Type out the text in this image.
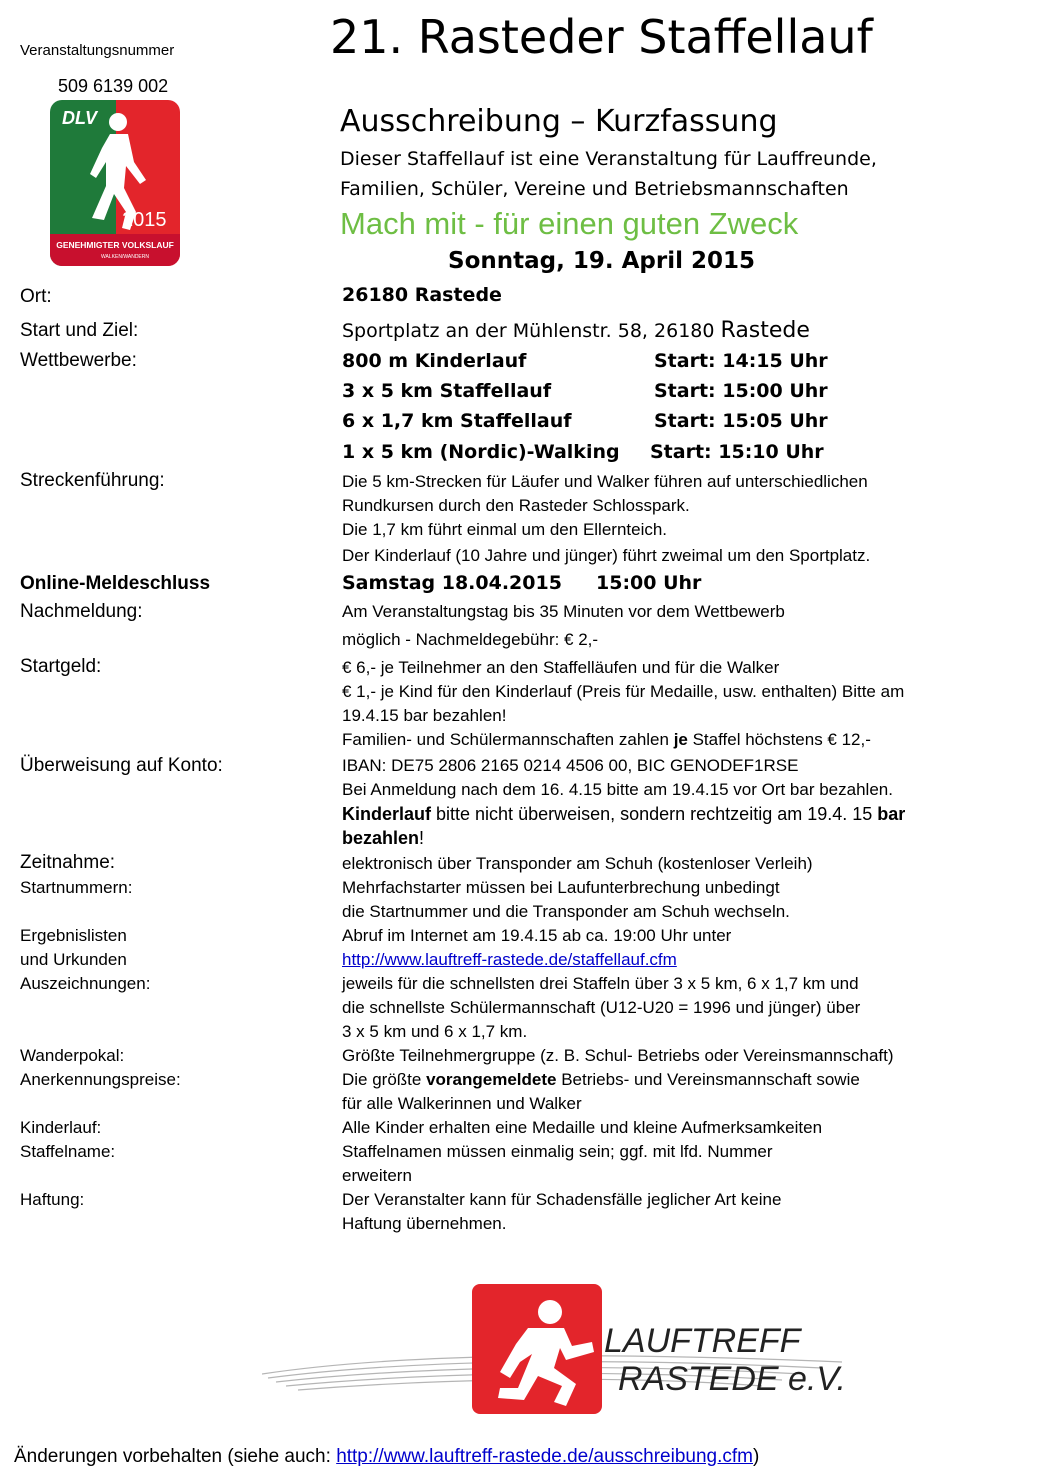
Veranstaltungsnummer
509 6139 002
DLV
2015
GENEHMIGTER VOLKSLAUF
WALKEN/WANDERN
21. Rasteder Staffellauf
Ausschreibung – Kurzfassung
Dieser Staffellauf ist eine Veranstaltung für Lauffreunde,
Familien, Schüler, Vereine und Betriebsmannschaften
Mach mit - für einen guten Zweck
Sonntag, 19. April 2015
Ort:	26180 Rastede
Start und Ziel:	Sportplatz an der Mühlenstr. 58, 26180 Rastede
Wettbewerbe:	800 m Kinderlauf	Start: 14:15 Uhr
3 x 5 km Staffellauf	Start: 15:00 Uhr
6 x 1,7 km Staffellauf	Start: 15:05 Uhr
1 x 5 km (Nordic)-Walking Start: 15:10 Uhr
Streckenführung:	Die 5 km-Strecken für Läufer und Walker führen auf unterschiedlichen
Rundkursen durch den Rasteder Schlosspark.
Die 1,7 km führt einmal um den Ellernteich.
Der Kinderlauf (10 Jahre und jünger) führt zweimal um den Sportplatz.
Online-Meldeschluss	Samstag 18.04.2015 15:00 Uhr
Nachmeldung:	Am Veranstaltungstag bis 35 Minuten vor dem Wettbewerb
möglich - Nachmeldegebühr: € 2,-
Startgeld:	€ 6,- je Teilnehmer an den Staffelläufen und für die Walker
€ 1,- je Kind für den Kinderlauf (Preis für Medaille, usw. enthalten) Bitte am
19.4.15 bar bezahlen!
Familien- und Schülermannschaften zahlen je Staffel höchstens € 12,-
Überweisung auf Konto:	IBAN: DE75 2806 2165 0214 4506 00, BIC GENODEF1RSE
Bei Anmeldung nach dem 16. 4.15 bitte am 19.4.15 vor Ort bar bezahlen.
Kinderlauf bitte nicht überweisen, sondern rechtzeitig am 19.4. 15 bar
bezahlen!
Zeitnahme:	elektronisch über Transponder am Schuh (kostenloser Verleih)
Startnummern:	Mehrfachstarter müssen bei Laufunterbrechung unbedingt
die Startnummer und die Transponder am Schuh wechseln.
Ergebnislisten
und Urkunden
Abruf im Internet am 19.4.15 ab ca. 19:00 Uhr unter
http://www.lauftreff-rastede.de/staffellauf.cfm
Auszeichnungen:	jeweils für die schnellsten drei Staffeln über 3 x 5 km, 6 x 1,7 km und
die schnellste Schülermannschaft (U12-U20 = 1996 und jünger) über
3 x 5 km und 6 x 1,7 km.
Wanderpokal:	Größte Teilnehmergruppe (z. B. Schul- Betriebs oder Vereinsmannschaft)
Anerkennungspreise:	Die größte vorangemeldete Betriebs- und Vereinsmannschaft sowie
für alle Walkerinnen und Walker
Kinderlauf:	Alle Kinder erhalten eine Medaille und kleine Aufmerksamkeiten
Staffelname:	Staffelnamen müssen einmalig sein; ggf. mit lfd. Nummer
erweitern
Haftung:	Der Veranstalter kann für Schadensfälle jeglicher Art keine
Haftung übernehmen.
LAUFTREFF
RASTEDE e.V.
Änderungen vorbehalten (siehe auch: http://www.lauftreff-rastede.de/ausschreibung.cfm)
